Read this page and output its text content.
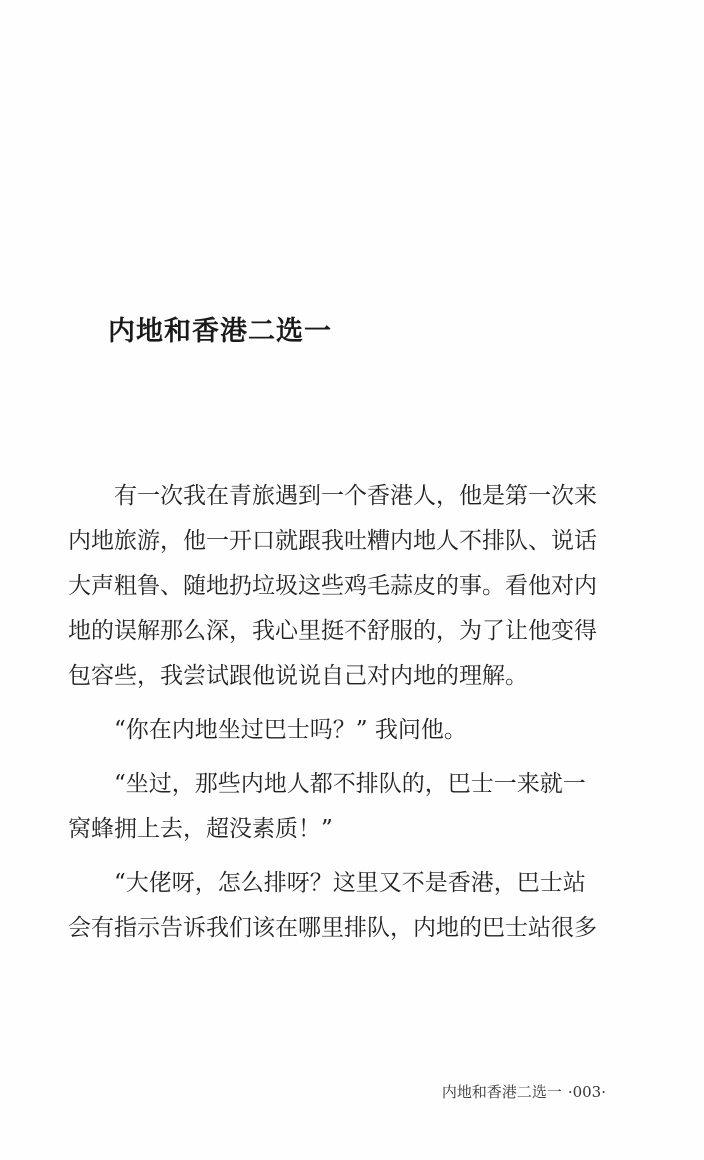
内地和香港二选一
有一次我在青旅遇到一个香港人，他是第一次来
内地旅游，他一开口就跟我吐糟内地人不排队、说话
大声粗鲁、随地扔垃圾这些鸡毛蒜皮的事。看他对内
地的误解那么深，我心里挺不舒服的，为了让他变得
包容些，我尝试跟他说说自己对内地的理解。
“你在内地坐过巴士吗？” 我问他。
“坐过，那些内地人都不排队的，巴士一来就一
窝蜂拥上去，超没素质！”
“大佬呀，怎么排呀？这里又不是香港，巴士站
会有指示告诉我们该在哪里排队，内地的巴士站很多
内地和香港二选一 ·003·
